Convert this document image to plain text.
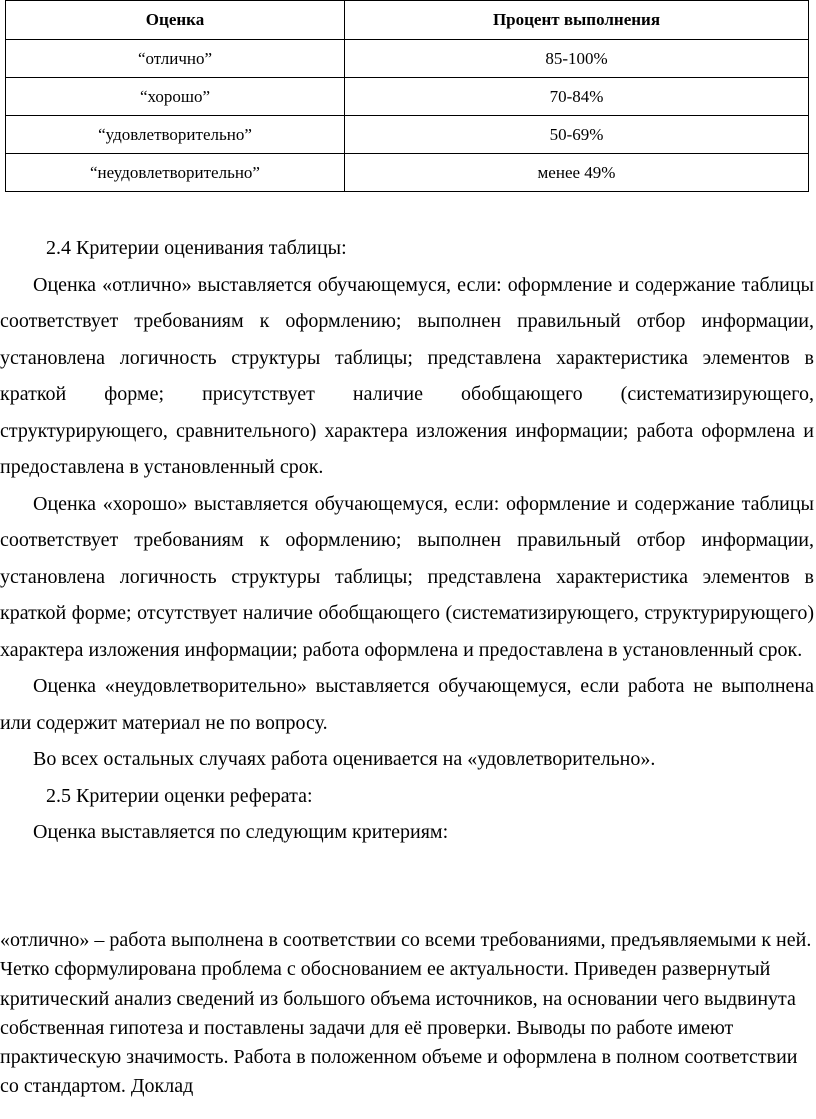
Оценка	Процент выполнения
“отлично”	85-100%
“хорошо”	70-84%
“удовлетворительно”	50-69%
“неудовлетворительно”	менее 49%

2.4 Критерии оценивания таблицы:

Оценка «отлично» выставляется обучающемуся, если: оформление и содержание таблицы соответствует требованиям к оформлению; выполнен правильный отбор информации, установлена логичность структуры таблицы; представлена характеристика элементов в краткой форме; присутствует наличие обобщающего (систематизирующего, структурирующего, сравнительного) характера изложения информации; работа оформлена и предоставлена в установленный срок.

Оценка «хорошо» выставляется обучающемуся, если: оформление и содержание таблицы соответствует требованиям к оформлению; выполнен правильный отбор информации, установлена логичность структуры таблицы; представлена характеристика элементов в краткой форме; отсутствует наличие обобщающего (систематизирующего, структурирующего) характера изложения информации; работа оформлена и предоставлена в установленный срок.

Оценка «неудовлетворительно» выставляется обучающемуся, если работа не выполнена или содержит материал не по вопросу.

Во всех остальных случаях работа оценивается на «удовлетворительно».

2.5 Критерии оценки реферата:

Оценка выставляется по следующим критериям:

«отлично» – работа выполнена в соответствии со всеми требованиями, предъявляемыми к ней. Четко сформулирована проблема с обоснованием ее актуальности. Приведен развернутый критический анализ сведений из большого объема источников, на основании чего выдвинута собственная гипотеза и поставлены задачи для её проверки. Выводы по работе имеют практическую значимость. Работа в положенном объеме и оформлена в полном соответствии со стандартом. Доклад
